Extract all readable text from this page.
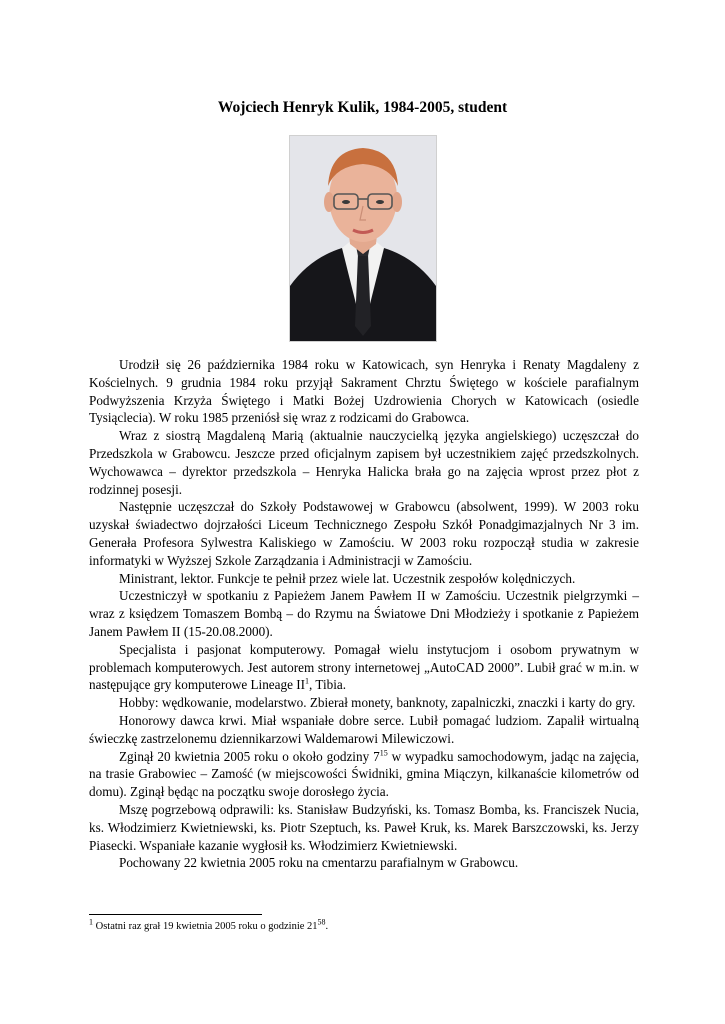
Wojciech Henryk Kulik, 1984-2005, student

Urodził się 26 października 1984 roku w Katowicach, syn Henryka i Renaty Magdaleny z Kościelnych. 9 grudnia 1984 roku przyjął Sakrament Chrztu Świętego w kościele parafialnym Podwyższenia Krzyża Świętego i Matki Bożej Uzdrowienia Chorych w Katowicach (osiedle Tysiąclecia). W roku 1985 przeniósł się wraz z rodzicami do Grabowca.

Wraz z siostrą Magdaleną Marią (aktualnie nauczycielką języka angielskiego) uczęszczał do Przedszkola w Grabowcu. Jeszcze przed oficjalnym zapisem był uczestnikiem zajęć przedszkolnych. Wychowawca – dyrektor przedszkola – Henryka Halicka brała go na zajęcia wprost przez płot z rodzinnej posesji.

Następnie uczęszczał do Szkoły Podstawowej w Grabowcu (absolwent, 1999). W 2003 roku uzyskał świadectwo dojrzałości Liceum Technicznego Zespołu Szkół Ponadgimazjalnych Nr 3 im. Generała Profesora Sylwestra Kaliskiego w Zamościu. W 2003 roku rozpoczął studia w zakresie informatyki w Wyższej Szkole Zarządzania i Administracji w Zamościu.

Ministrant, lektor. Funkcje te pełnił przez wiele lat. Uczestnik zespołów kolędniczych.

Uczestniczył w spotkaniu z Papieżem Janem Pawłem II w Zamościu. Uczestnik pielgrzymki – wraz z księdzem Tomaszem Bombą – do Rzymu na Światowe Dni Młodzieży i spotkanie z Papieżem Janem Pawłem II (15-20.08.2000).

Specjalista i pasjonat komputerowy. Pomagał wielu instytucjom i osobom prywatnym w problemach komputerowych. Jest autorem strony internetowej „AutoCAD 2000”. Lubił grać w m.in. w następujące gry komputerowe Lineage $II^1$, Tibia.

Hobby: wędkowanie, modelarstwo. Zbierał monety, banknoty, zapalniczki, znaczki i karty do gry.

Honorowy dawca krwi. Miał wspaniałe dobre serce. Lubił pomagać ludziom. Zapalił wirtualną świeczkę zastrzelonemu dziennikarzowi Waldemarowi Milewiczowi.

Zginął 20 kwietnia 2005 roku o około godziny $7^{15}$ w wypadku samochodowym, jadąc na zajęcia, na trasie Grabowiec – Zamość (w miejscowości Świdniki, gmina Miączyn, kilkanaście kilometrów od domu). Zginął będąc na początku swoje dorosłego życia.

Mszę pogrzebową odprawili: ks. Stanisław Budzyński, ks. Tomasz Bomba, ks. Franciszek Nucia, ks. Włodzimierz Kwietniewski, ks. Piotr Szeptuch, ks. Paweł Kruk, ks. Marek Barszczowski, ks. Jerzy Piasecki. Wspaniałe kazanie wygłosił ks. Włodzimierz Kwietniewski.

Pochowany 22 kwietnia 2005 roku na cmentarzu parafialnym w Grabowcu.

$^1$ Ostatni raz grał 19 kwietnia 2005 roku o godzinie $21^{58}$.
